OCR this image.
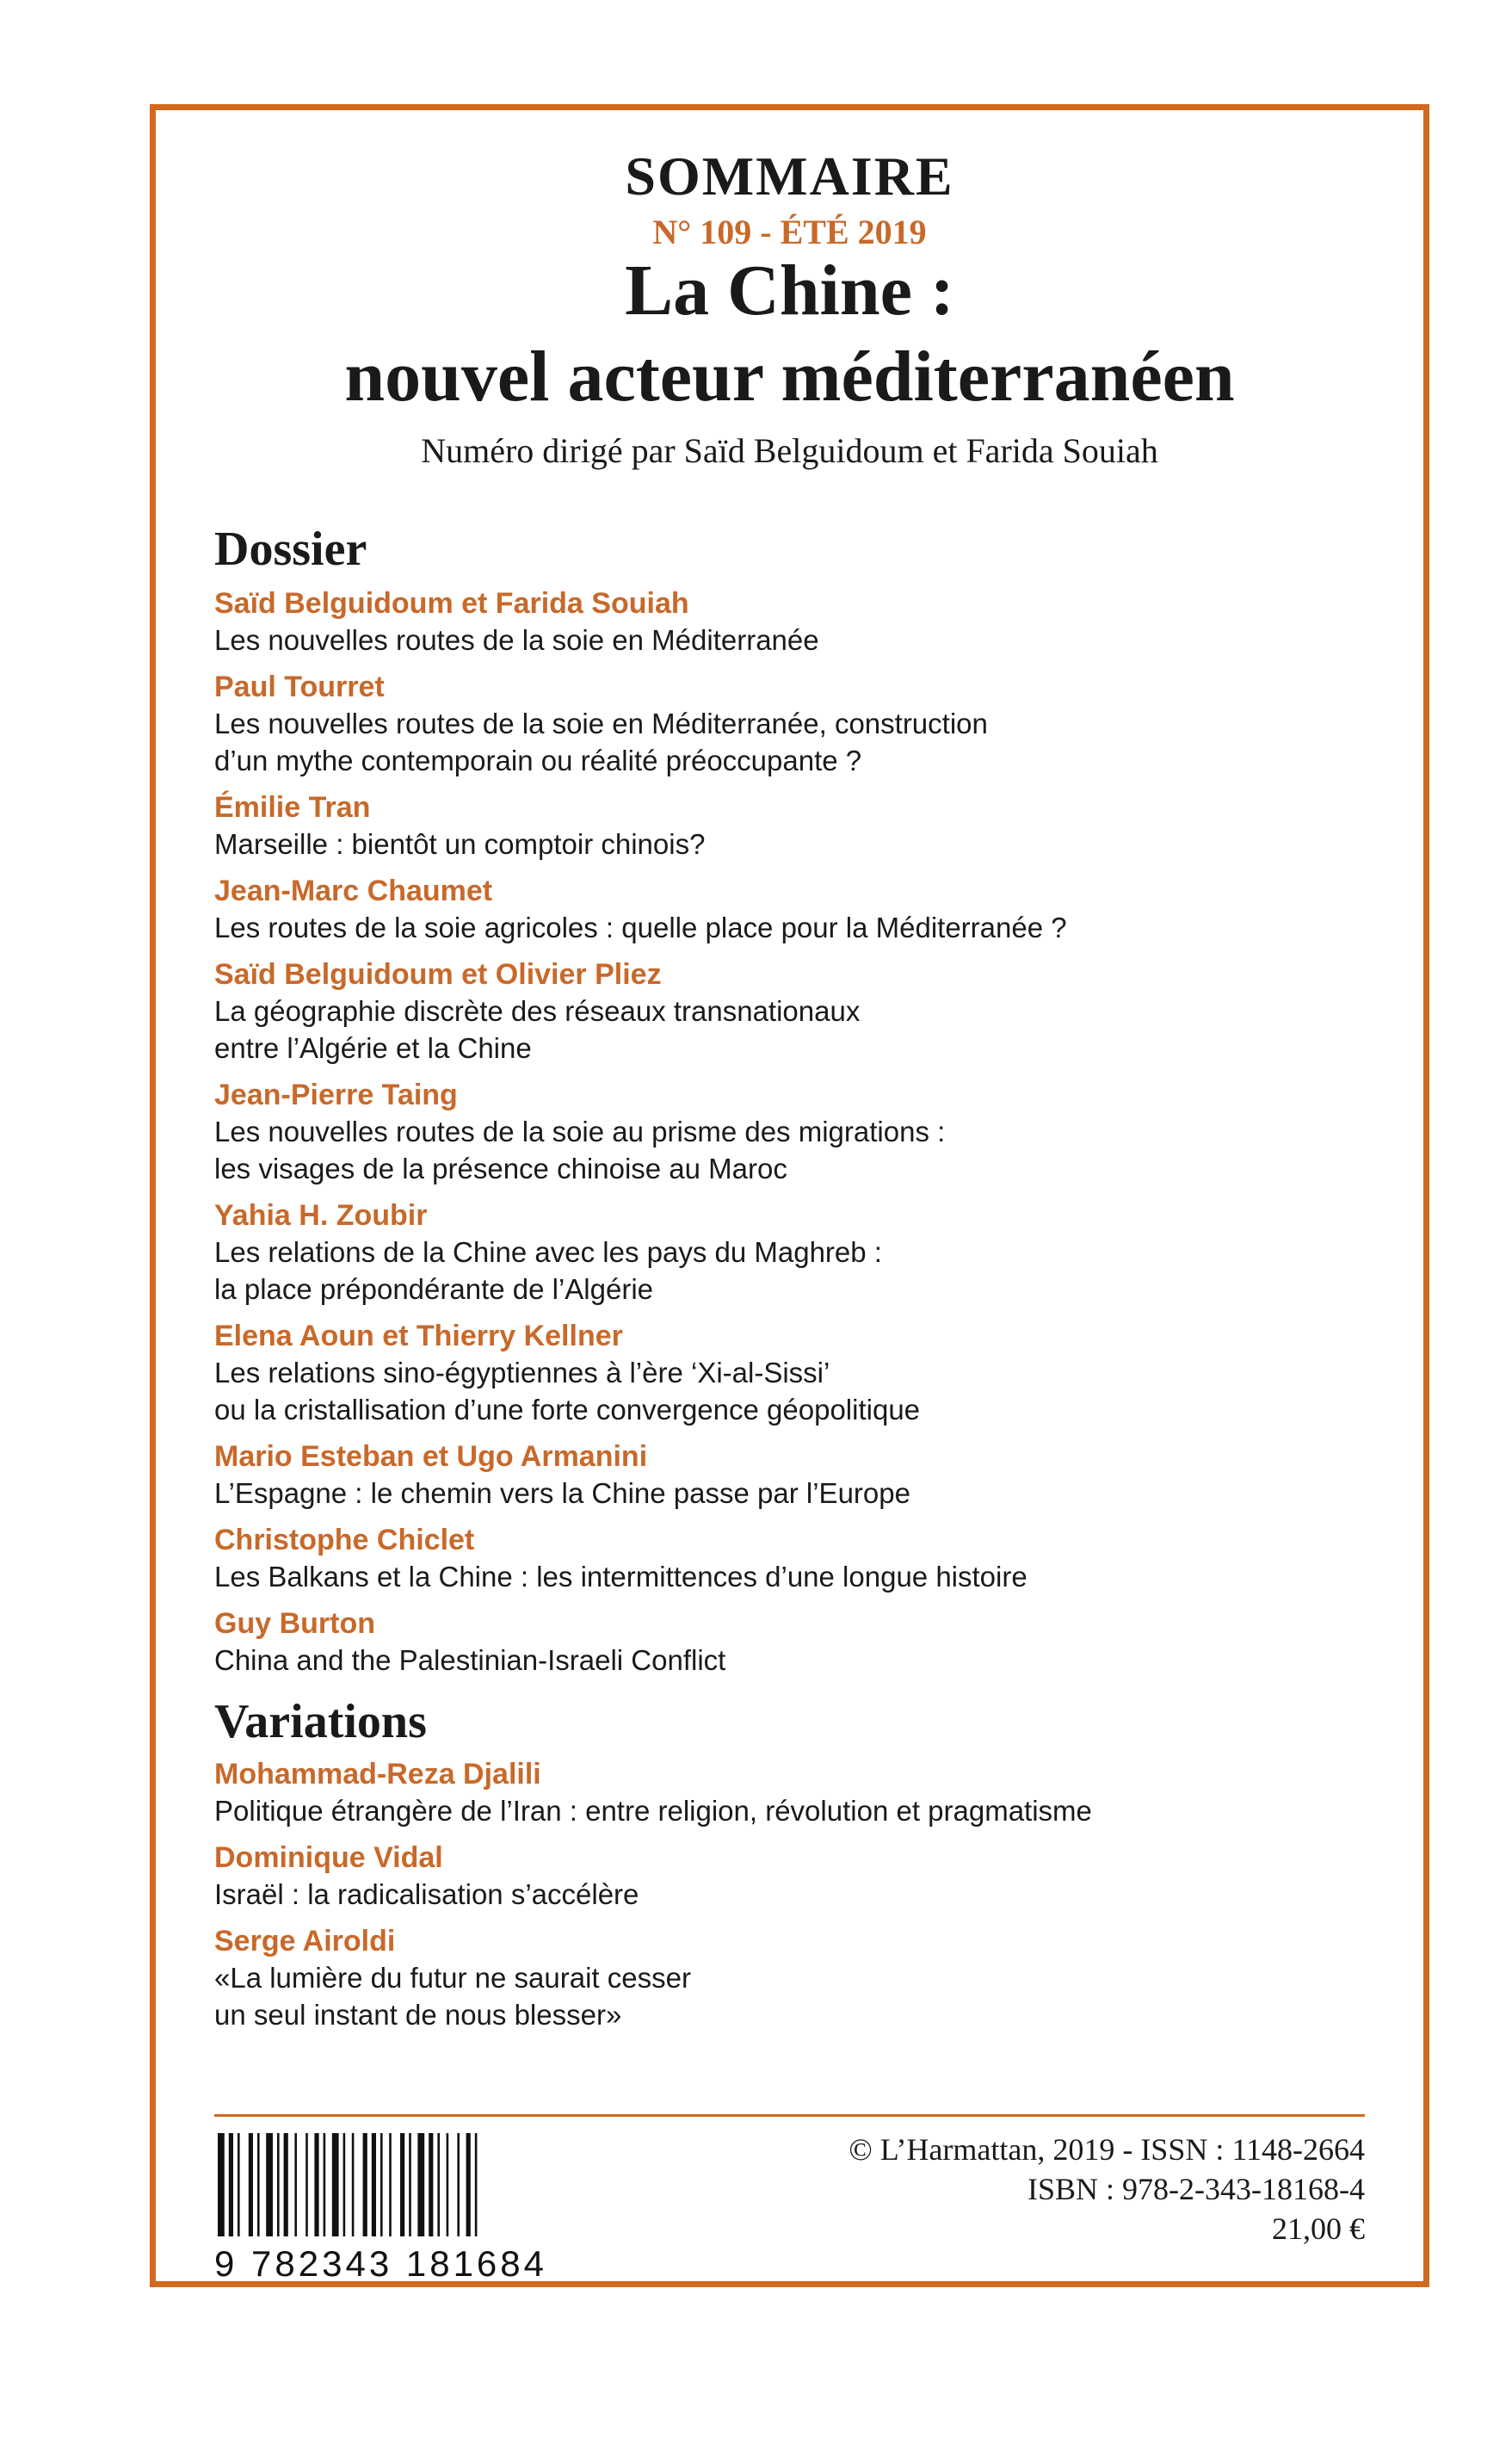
SOMMAIRE
N° 109 - ÉTÉ 2019
La Chine :
nouvel acteur méditerranéen
Numéro dirigé par Saïd Belguidoum et Farida Souiah
Dossier
Saïd Belguidoum et Farida Souiah
Les nouvelles routes de la soie en Méditerranée
Paul Tourret
Les nouvelles routes de la soie en Méditerranée, construction
d’un mythe contemporain ou réalité préoccupante ?
Émilie Tran
Marseille : bientôt un comptoir chinois?
Jean-Marc Chaumet
Les routes de la soie agricoles : quelle place pour la Méditerranée ?
Saïd Belguidoum et Olivier Pliez
La géographie discrète des réseaux transnationaux
entre l’Algérie et la Chine
Jean-Pierre Taing
Les nouvelles routes de la soie au prisme des migrations :
les visages de la présence chinoise au Maroc
Yahia H. Zoubir
Les relations de la Chine avec les pays du Maghreb :
la place prépondérante de l’Algérie
Elena Aoun et Thierry Kellner
Les relations sino-égyptiennes à l’ère ‘Xi-al-Sissi’
ou la cristallisation d’une forte convergence géopolitique
Mario Esteban et Ugo Armanini
L’Espagne : le chemin vers la Chine passe par l’Europe
Christophe Chiclet
Les Balkans et la Chine : les intermittences d’une longue histoire
Guy Burton
China and the Palestinian-Israeli Conflict
Variations
Mohammad-Reza Djalili
Politique étrangère de l’Iran : entre religion, révolution et pragmatisme
Dominique Vidal
Israël : la radicalisation s’accélère
Serge Airoldi
«La lumière du futur ne saurait cesser
un seul instant de nous blesser»
9 782343 181684
© L’Harmattan, 2019 - ISSN : 1148-2664
ISBN : 978-2-343-18168-4
21,00 €
